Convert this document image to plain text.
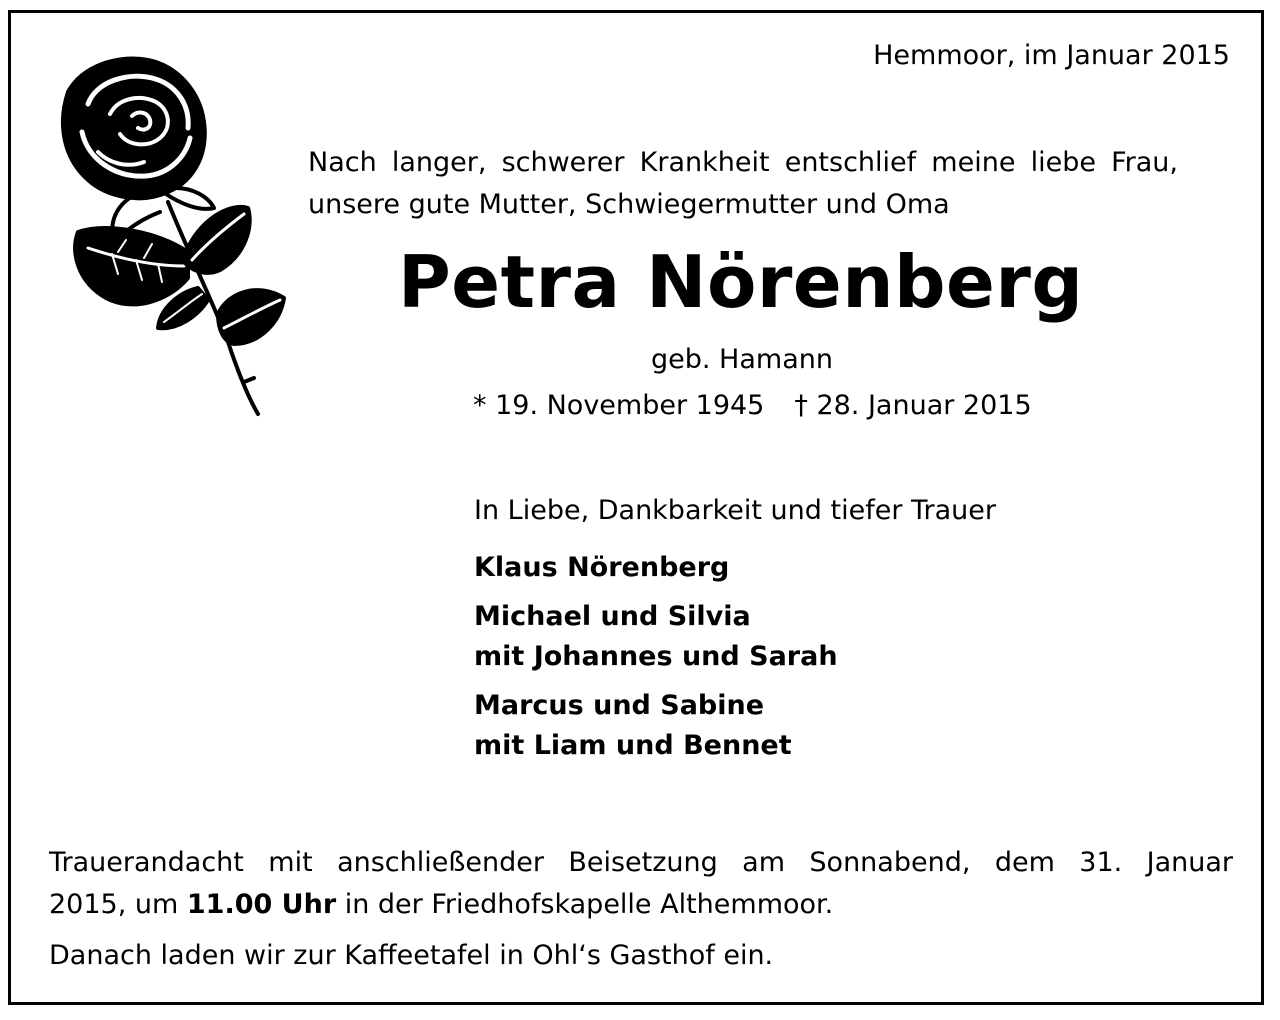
Hemmoor, im Januar 2015
Nach langer, schwerer Krankheit entschlief meine liebe Frau,
unsere gute Mutter, Schwiegermutter und Oma
Petra Nörenberg
geb. Hamann
* 19. November 1945 † 28. Januar 2015
In Liebe, Dankbarkeit und tiefer Trauer
Klaus Nörenberg
Michael und Silvia
mit Johannes und Sarah
Marcus und Sabine
mit Liam und Bennet
Trauerandacht mit anschließender Beisetzung am Sonnabend, dem 31. Januar
2015, um 11.00 Uhr in der Friedhofskapelle Althemmoor.
Danach laden wir zur Kaffeetafel in Ohl‘s Gasthof ein.
